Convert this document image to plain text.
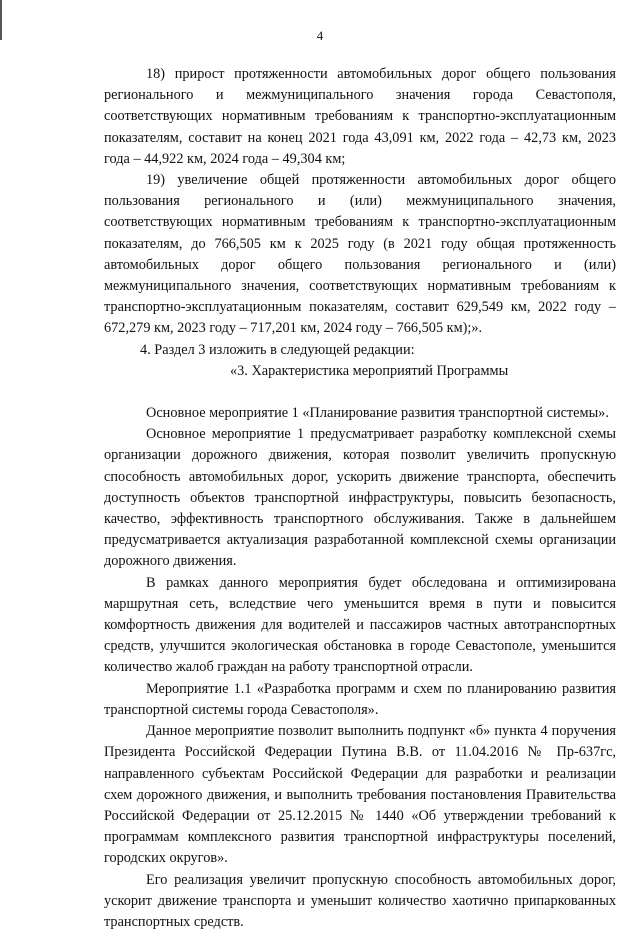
4

18) прирост протяженности автомобильных дорог общего пользования регионального и межмуниципального значения города Севастополя, соответствующих нормативным требованиям к транспортно-эксплуатационным показателям, составит на конец 2021 года 43,091 км, 2022 года – 42,73 км, 2023 года – 44,922 км, 2024 года – 49,304 км;

19) увеличение общей протяженности автомобильных дорог общего пользования регионального и (или) межмуниципального значения, соответствующих нормативным требованиям к транспортно-эксплуатационным показателям, до 766,505 км к 2025 году (в 2021 году общая протяженность автомобильных дорог общего пользования регионального и (или) межмуниципального значения, соответствующих нормативным требованиям к транспортно-эксплуатационным показателям, составит 629,549 км, 2022 году – 672,279 км, 2023 году – 717,201 км, 2024 году – 766,505 км);».

4. Раздел 3 изложить в следующей редакции:

«3. Характеристика мероприятий Программы

Основное мероприятие 1 «Планирование развития транспортной системы».

Основное мероприятие 1 предусматривает разработку комплексной схемы организации дорожного движения, которая позволит увеличить пропускную способность автомобильных дорог, ускорить движение транспорта, обеспечить доступность объектов транспортной инфраструктуры, повысить безопасность, качество, эффективность транспортного обслуживания. Также в дальнейшем предусматривается актуализация разработанной комплексной схемы организации дорожного движения.

В рамках данного мероприятия будет обследована и оптимизирована маршрутная сеть, вследствие чего уменьшится время в пути и повысится комфортность движения для водителей и пассажиров частных автотранспортных средств, улучшится экологическая обстановка в городе Севастополе, уменьшится количество жалоб граждан на работу транспортной отрасли.

Мероприятие 1.1 «Разработка программ и схем по планированию развития транспортной системы города Севастополя».

Данное мероприятие позволит выполнить подпункт «б» пункта 4 поручения Президента Российской Федерации Путина В.В. от 11.04.2016 № Пр-637гс, направленного субъектам Российской Федерации для разработки и реализации схем дорожного движения, и выполнить требования постановления Правительства Российской Федерации от 25.12.2015 № 1440 «Об утверждении требований к программам комплексного развития транспортной инфраструктуры поселений, городских округов».

Его реализация увеличит пропускную способность автомобильных дорог, ускорит движение транспорта и уменьшит количество хаотично припаркованных транспортных средств.
